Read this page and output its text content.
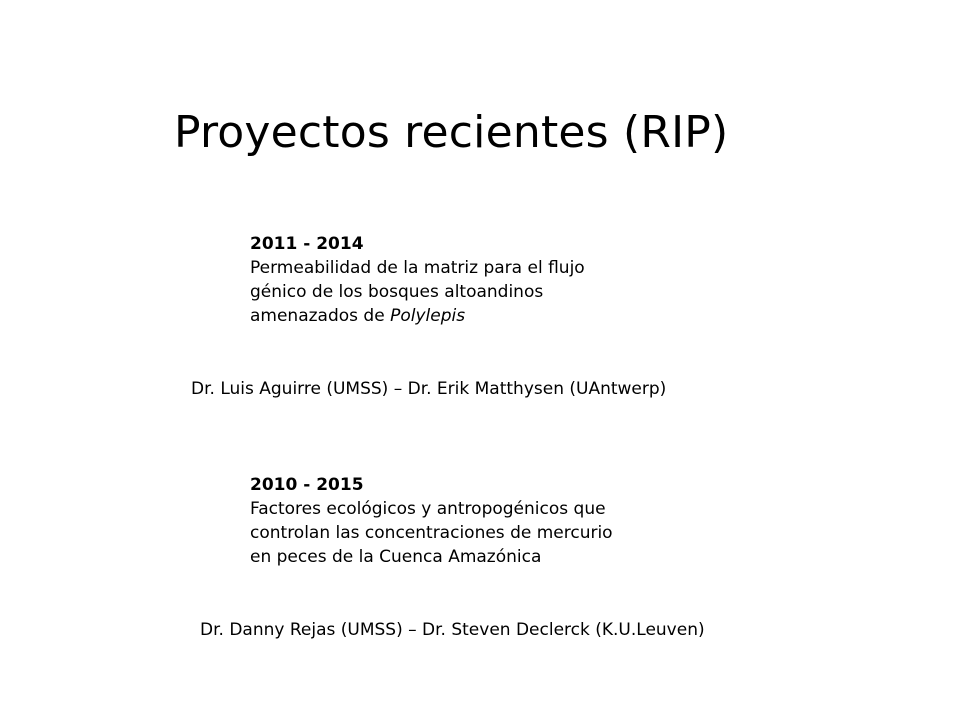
Proyectos recientes (RIP)
2011 - 2014
Permeabilidad de la matriz para el flujo
génico de los bosques altoandinos
amenazados de Polylepis
Dr. Luis Aguirre (UMSS) – Dr. Erik Matthysen (UAntwerp)
2010 - 2015
Factores ecológicos y antropogénicos que
controlan las concentraciones de mercurio
en peces de la Cuenca Amazónica
Dr. Danny Rejas (UMSS) – Dr. Steven Declerck (K.U.Leuven)
